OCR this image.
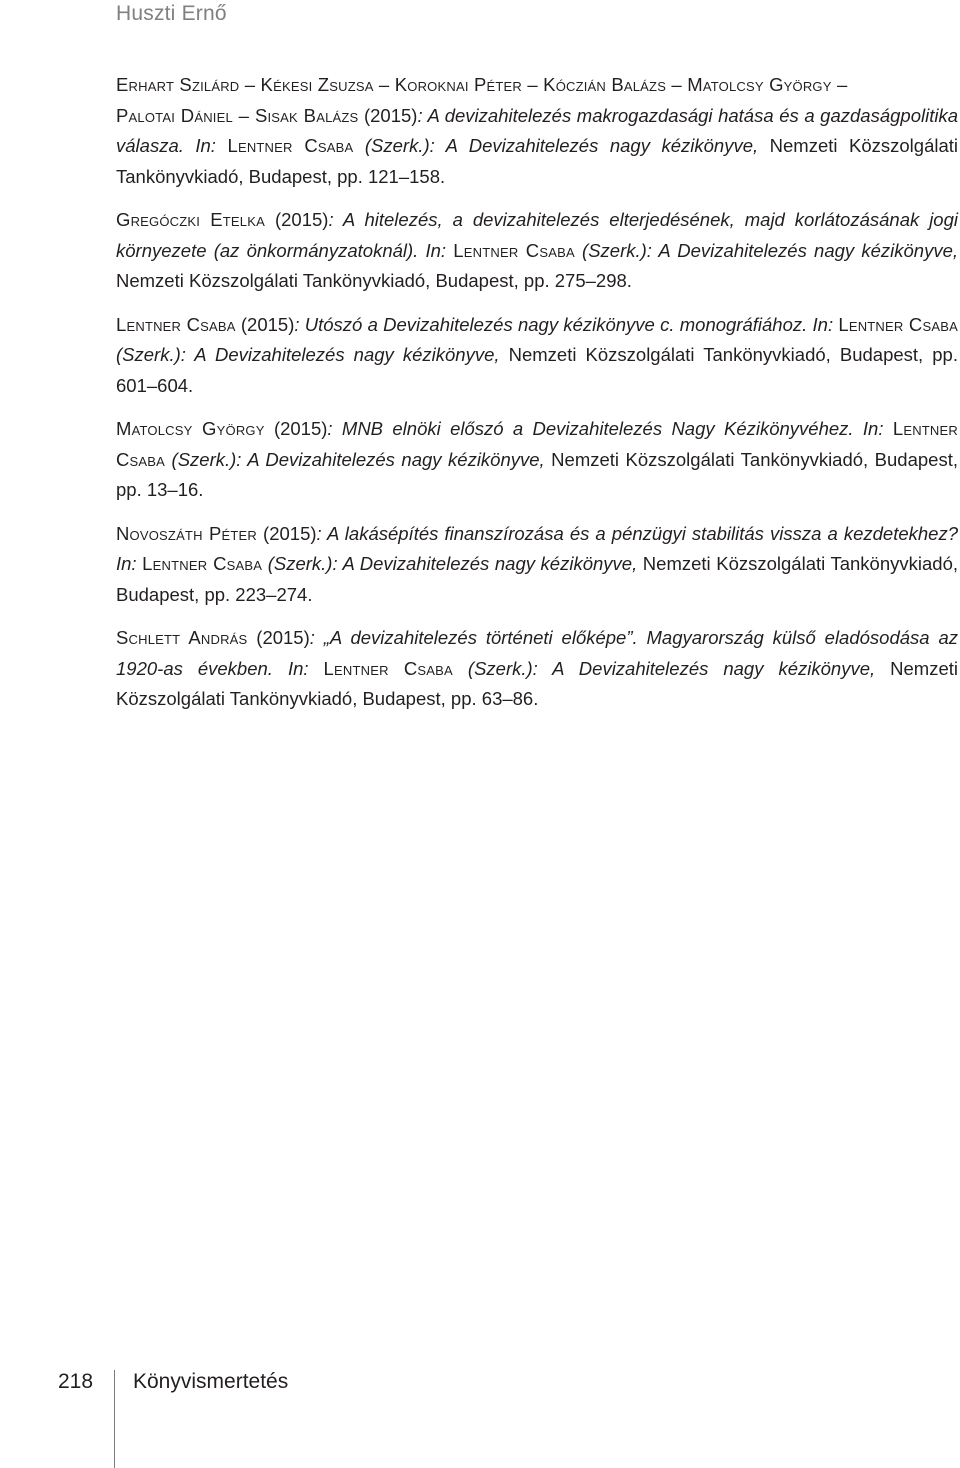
Huszti Ernő

Erhart Szilárd – Kékesi Zsuzsa – Koroknai Péter – Kóczián Balázs – Matolcsy György –
Palotai Dániel – Sisak Balázs (2015): A devizahitelezés makrogazdasági hatása és a gazdaságpolitika válasza. In: Lentner Csaba (Szerk.): A Devizahitelezés nagy kézikönyve, Nemzeti Közszolgálati Tankönyvkiadó, Budapest, pp. 121–158.

Gregóczki Etelka (2015): A hitelezés, a devizahitelezés elterjedésének, majd korlátozásának jogi környezete (az önkormányzatoknál). In: Lentner Csaba (Szerk.): A Devizahitelezés nagy kézikönyve, Nemzeti Közszolgálati Tankönyvkiadó, Budapest, pp. 275–298.

Lentner Csaba (2015): Utószó a Devizahitelezés nagy kézikönyve c. monográfiához. In: Lentner Csaba (Szerk.): A Devizahitelezés nagy kézikönyve, Nemzeti Közszolgálati Tankönyvkiadó, Budapest, pp. 601–604.

Matolcsy György (2015): MNB elnöki előszó a Devizahitelezés Nagy Kézikönyvéhez. In: Lentner Csaba (Szerk.): A Devizahitelezés nagy kézikönyve, Nemzeti Közszolgálati Tankönyvkiadó, Budapest, pp. 13–16.

Novoszáth Péter (2015): A lakásépítés finanszírozása és a pénzügyi stabilitás vissza a kezdetekhez? In: Lentner Csaba (Szerk.): A Devizahitelezés nagy kézikönyve, Nemzeti Közszolgálati Tankönyvkiadó, Budapest, pp. 223–274.

Schlett András (2015): „A devizahitelezés történeti előképe”. Magyarország külső eladósodása az 1920-as években. In: Lentner Csaba (Szerk.): A Devizahitelezés nagy kézikönyve, Nemzeti Közszolgálati Tankönyvkiadó, Budapest, pp. 63–86.

218 Könyvismertetés
